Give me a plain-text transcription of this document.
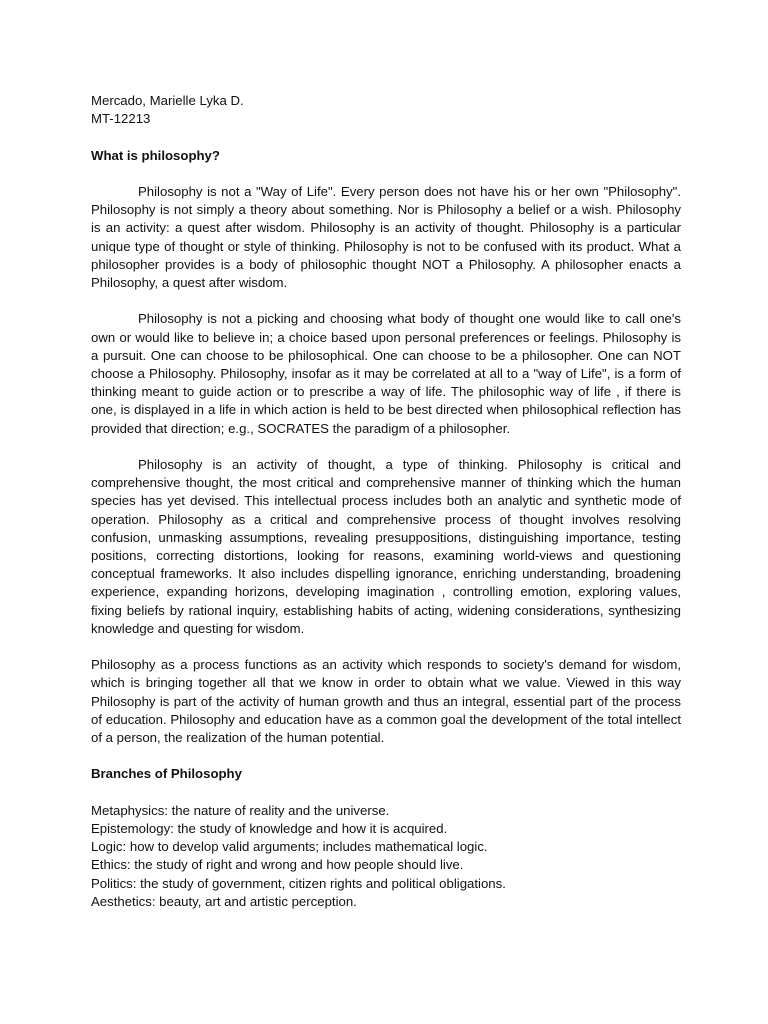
Mercado, Marielle Lyka D.
MT-12213
What is philosophy?

Philosophy is not a "Way of Life". Every person does not have his or her own "Philosophy". Philosophy is not simply a theory about something. Nor is Philosophy a belief or a wish. Philosophy is an activity: a quest after wisdom. Philosophy is an activity of thought. Philosophy is a particular unique type of thought or style of thinking. Philosophy is not to be confused with its product. What a philosopher provides is a body of philosophic thought NOT a Philosophy. A philosopher enacts a Philosophy, a quest after wisdom.

Philosophy is not a picking and choosing what body of thought one would like to call one's own or would like to believe in; a choice based upon personal preferences or feelings. Philosophy is a pursuit. One can choose to be philosophical. One can choose to be a philosopher. One can NOT choose a Philosophy. Philosophy, insofar as it may be correlated at all to a "way of Life", is a form of thinking meant to guide action or to prescribe a way of life. The philosophic way of life , if there is one, is displayed in a life in which action is held to be best directed when philosophical reflection has provided that direction; e.g., SOCRATES the paradigm of a philosopher.

Philosophy is an activity of thought, a type of thinking. Philosophy is critical and comprehensive thought, the most critical and comprehensive manner of thinking which the human species has yet devised. This intellectual process includes both an analytic and synthetic mode of operation. Philosophy as a critical and comprehensive process of thought involves resolving confusion, unmasking assumptions, revealing presuppositions, distinguishing importance, testing positions, correcting distortions, looking for reasons, examining world-views and questioning conceptual frameworks. It also includes dispelling ignorance, enriching understanding, broadening experience, expanding horizons, developing imagination , controlling emotion, exploring values, fixing beliefs by rational inquiry, establishing habits of acting, widening considerations, synthesizing knowledge and questing for wisdom.

Philosophy as a process functions as an activity which responds to society's demand for wisdom, which is bringing together all that we know in order to obtain what we value. Viewed in this way Philosophy is part of the activity of human growth and thus an integral, essential part of the process of education. Philosophy and education have as a common goal the development of the total intellect of a person, the realization of the human potential.

Branches of Philosophy
Metaphysics: the nature of reality and the universe.
Epistemology: the study of knowledge and how it is acquired.
Logic: how to develop valid arguments; includes mathematical logic.
Ethics: the study of right and wrong and how people should live.
Politics: the study of government, citizen rights and political obligations.
Aesthetics: beauty, art and artistic perception.
